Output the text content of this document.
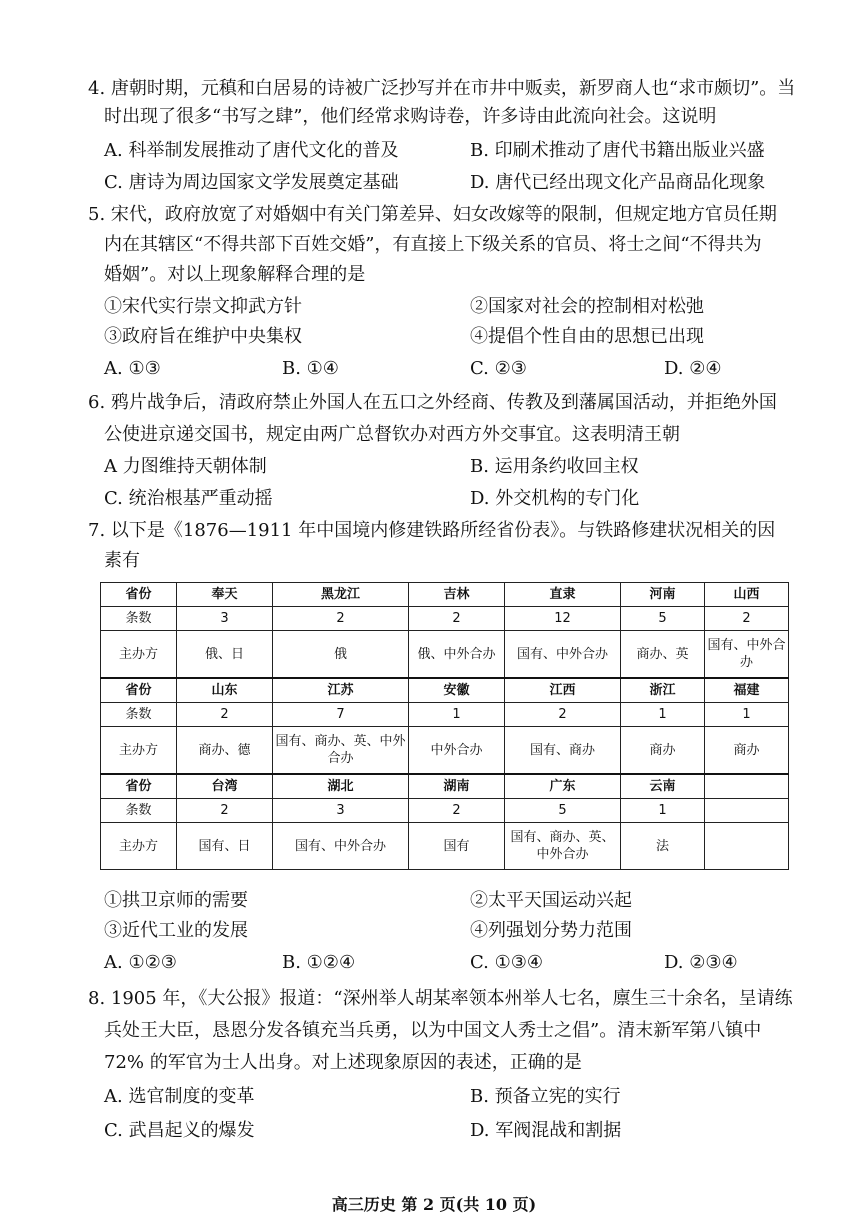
4. 唐朝时期，元稹和白居易的诗被广泛抄写并在市井中贩卖，新罗商人也“求市颇切”。当
时出现了很多“书写之肆”，他们经常求购诗卷，许多诗由此流向社会。这说明
A. 科举制发展推动了唐代文化的普及	B. 印刷术推动了唐代书籍出版业兴盛
C. 唐诗为周边国家文学发展奠定基础	D. 唐代已经出现文化产品商品化现象
5. 宋代，政府放宽了对婚姻中有关门第差异、妇女改嫁等的限制，但规定地方官员任期
内在其辖区“不得共部下百姓交婚”，有直接上下级关系的官员、将士之间“不得共为
婚姻”。对以上现象解释合理的是
①宋代实行崇文抑武方针	②国家对社会的控制相对松弛
③政府旨在维护中央集权	④提倡个性自由的思想已出现
A. ①③	B. ①④	C. ②③	D. ②④
6. 鸦片战争后，清政府禁止外国人在五口之外经商、传教及到藩属国活动，并拒绝外国
公使进京递交国书，规定由两广总督钦办对西方外交事宜。这表明清王朝
A 力图维持天朝体制	B. 运用条约收回主权
C. 统治根基严重动摇	D. 外交机构的专门化
7. 以下是《1876—1911 年中国境内修建铁路所经省份表》。与铁路修建状况相关的因
素有
省份	奉天	黑龙江	吉林	直隶	河南	山西
条数	3	2	2	12	5	2
主办方	俄、日	俄	俄、中外合办	国有、中外合办	商办、英	国有、中外合办
省份	山东	江苏	安徽	江西	浙江	福建
条数	2	7	1	2	1	1
主办方	商办、德	国有、商办、英、中外合办	中外合办	国有、商办	商办	商办
省份	台湾	湖北	湖南	广东	云南	
条数	2	3	2	5	1	
主办方	国有、日	国有、中外合办	国有	国有、商办、英、中外合办	法	
①拱卫京师的需要	②太平天国运动兴起
③近代工业的发展	④列强划分势力范围
A. ①②③	B. ①②④	C. ①③④	D. ②③④
8. 1905 年，《大公报》报道：“深州举人胡某率领本州举人七名，廪生三十余名，呈请练
兵处王大臣，恳恩分发各镇充当兵勇，以为中国文人秀士之倡”。清末新军第八镇中
72% 的军官为士人出身。对上述现象原因的表述，正确的是
A. 选官制度的变革	B. 预备立宪的实行
C. 武昌起义的爆发	D. 军阀混战和割据
高三历史 第 2 页(共 10 页)
